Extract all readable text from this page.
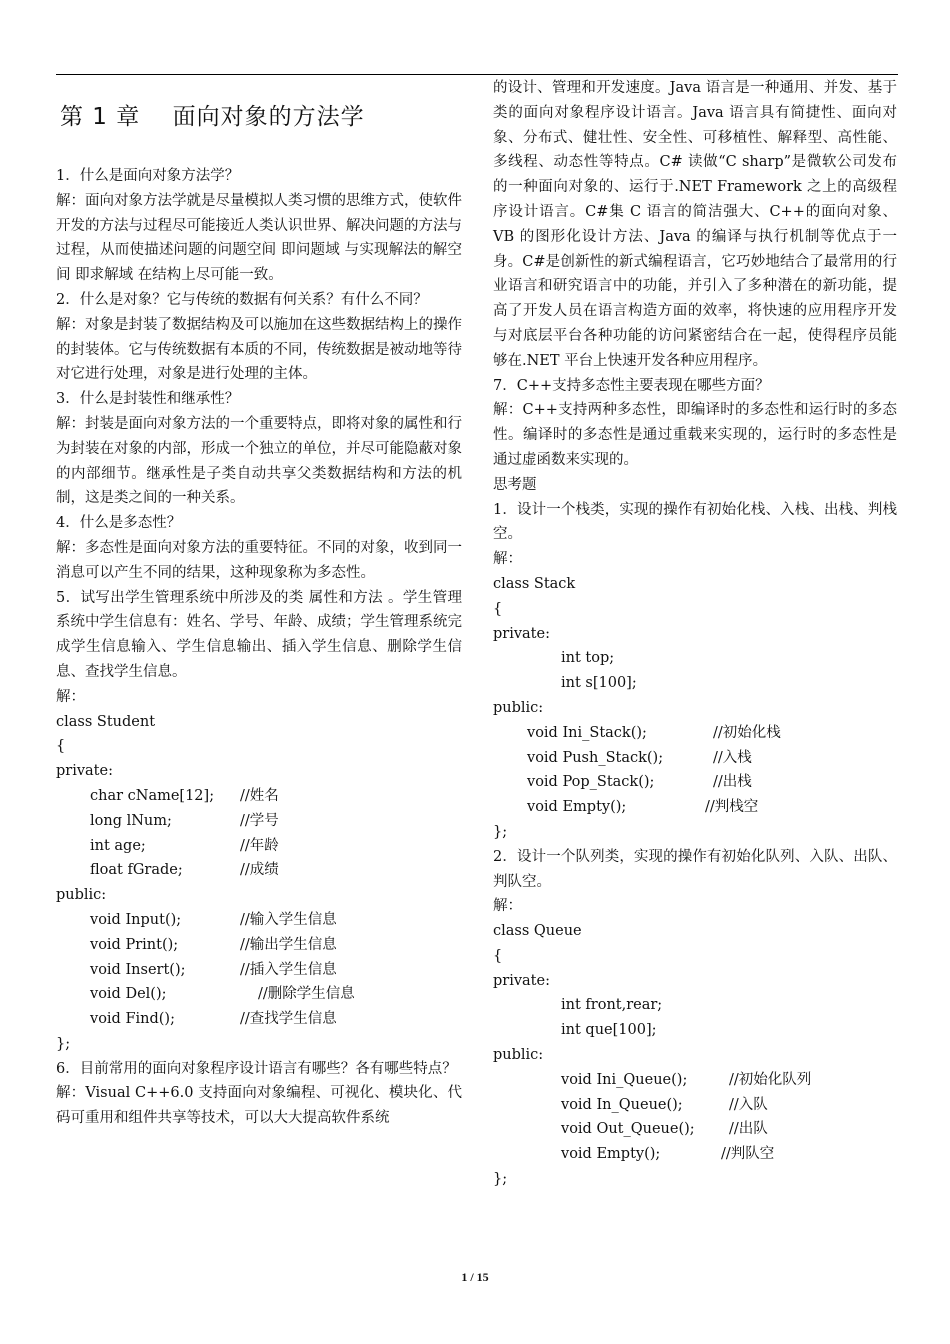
第 1 章　 面向对象的方法学

1．什么是面向对象方法学？

解：面向对象方法学就是尽量模拟人类习惯的思维方式，使软件开发的方法与过程尽可能接近人类认识世界、解决问题的方法与过程，从而使描述问题的问题空间 即问题域 与实现解法的解空间 即求解域 在结构上尽可能一致。

2．什么是对象？它与传统的数据有何关系？有什么不同？

解：对象是封装了数据结构及可以施加在这些数据结构上的操作的封装体。它与传统数据有本质的不同，传统数据是被动地等待对它进行处理，对象是进行处理的主体。

3．什么是封装性和继承性？

解：封装是面向对象方法的一个重要特点，即将对象的属性和行为封装在对象的内部，形成一个独立的单位，并尽可能隐蔽对象的内部细节。继承性是子类自动共享父类数据结构和方法的机制，这是类之间的一种关系。

4．什么是多态性？

解：多态性是面向对象方法的重要特征。不同的对象，收到同一消息可以产生不同的结果，这种现象称为多态性。

5．试写出学生管理系统中所涉及的类 属性和方法 。学生管理系统中学生信息有：姓名、学号、年龄、成绩；学生管理系统完成学生信息输入、学生信息输出、插入学生信息、删除学生信息、查找学生信息。

解：

class Student

{

private:

char cName[12]; //姓名

long lNum;	//学号

int age;	//年龄

float fGrade;	//成绩

public:

void Input();	//输入学生信息

void Print();	//输出学生信息

void Insert();	//插入学生信息

void Del();	//删除学生信息

void Find();	//查找学生信息

};

6．目前常用的面向对象程序设计语言有哪些？各有哪些特点？

解：Visual C++6.0 支持面向对象编程、可视化、模块化、代码可重用和组件共享等技术，可以大大提高软件系统

的设计、管理和开发速度。Java 语言是一种通用、并发、基于类的面向对象程序设计语言。Java 语言具有简捷性、面向对象、分布式、健壮性、安全性、可移植性、解释型、高性能、多线程、动态性等特点。C# 读做“C sharp”是微软公司发布的一种面向对象的、运行于.NET Framework 之上的高级程序设计语言。C#集 C 语言的简洁强大、C++的面向对象、VB 的图形化设计方法、Java 的编译与执行机制等优点于一身。C#是创新性的新式编程语言，它巧妙地结合了最常用的行业语言和研究语言中的功能，并引入了多种潜在的新功能，提高了开发人员在语言构造方面的效率，将快速的应用程序开发与对底层平台各种功能的访问紧密结合在一起，使得程序员能够在.NET 平台上快速开发各种应用程序。

7．C++支持多态性主要表现在哪些方面？

解：C++支持两种多态性，即编译时的多态性和运行时的多态性。编译时的多态性是通过重载来实现的，运行时的多态性是通过虚函数来实现的。

思考题

1．设计一个栈类，实现的操作有初始化栈、入栈、出栈、判栈空。

解：

class Stack

{

private:

int top;

int s[100];

public:

void Ini_Stack();	//初始化栈

void Push_Stack();	//入栈

void Pop_Stack();	//出栈

void Empty();	//判栈空

};

2．设计一个队列类，实现的操作有初始化队列、入队、出队、判队空。

解：

class Queue

{

private:

int front,rear;

int que[100];

public:

void Ini_Queue();	//初始化队列

void In_Queue();	//入队

void Out_Queue(); //出队

void Empty();	//判队空

};

1 / 15
